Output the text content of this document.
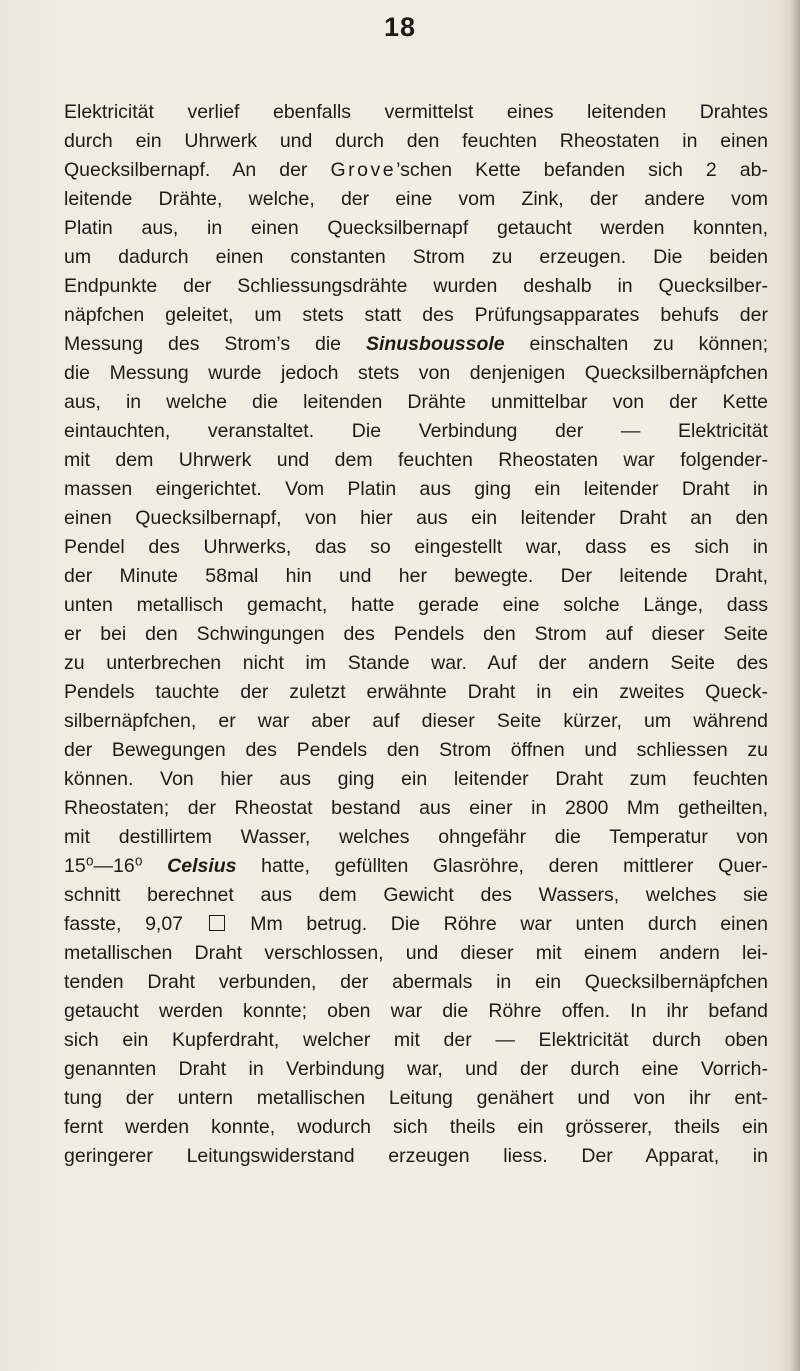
18
Elektricität verlief ebenfalls vermittelst eines leitenden Drahtes
durch ein Uhrwerk und durch den feuchten Rheostaten in einen
Quecksilbernapf. An der Grove’schen Kette befanden sich 2 ab-
leitende Drähte, welche, der eine vom Zink, der andere vom
Platin aus, in einen Quecksilbernapf getaucht werden konnten,
um dadurch einen constanten Strom zu erzeugen. Die beiden
Endpunkte der Schliessungsdrähte wurden deshalb in Quecksilber-
näpfchen geleitet, um stets statt des Prüfungsapparates behufs der
Messung des Strom’s die Sinusboussole einschalten zu können;
die Messung wurde jedoch stets von denjenigen Quecksilbernäpfchen
aus, in welche die leitenden Drähte unmittelbar von der Kette
eintauchten, veranstaltet. Die Verbindung der — Elektricität
mit dem Uhrwerk und dem feuchten Rheostaten war folgender-
massen eingerichtet. Vom Platin aus ging ein leitender Draht in
einen Quecksilbernapf, von hier aus ein leitender Draht an den
Pendel des Uhrwerks, das so eingestellt war, dass es sich in
der Minute 58mal hin und her bewegte. Der leitende Draht,
unten metallisch gemacht, hatte gerade eine solche Länge, dass
er bei den Schwingungen des Pendels den Strom auf dieser Seite
zu unterbrechen nicht im Stande war. Auf der andern Seite des
Pendels tauchte der zuletzt erwähnte Draht in ein zweites Queck-
silbernäpfchen, er war aber auf dieser Seite kürzer, um während
der Bewegungen des Pendels den Strom öffnen und schliessen zu
können. Von hier aus ging ein leitender Draht zum feuchten
Rheostaten; der Rheostat bestand aus einer in 2800 Mm getheilten,
mit destillirtem Wasser, welches ohngefähr die Temperatur von
15⁰—16⁰ Celsius hatte, gefüllten Glasröhre, deren mittlerer Quer-
schnitt berechnet aus dem Gewicht des Wassers, welches sie
fasste, 9,07  Mm betrug. Die Röhre war unten durch einen
metallischen Draht verschlossen, und dieser mit einem andern lei-
tenden Draht verbunden, der abermals in ein Quecksilbernäpfchen
getaucht werden konnte; oben war die Röhre offen. In ihr befand
sich ein Kupferdraht, welcher mit der — Elektricität durch oben
genannten Draht in Verbindung war, und der durch eine Vorrich-
tung der untern metallischen Leitung genähert und von ihr ent-
fernt werden konnte, wodurch sich theils ein grösserer, theils ein
geringerer Leitungswiderstand erzeugen liess. Der Apparat, in
